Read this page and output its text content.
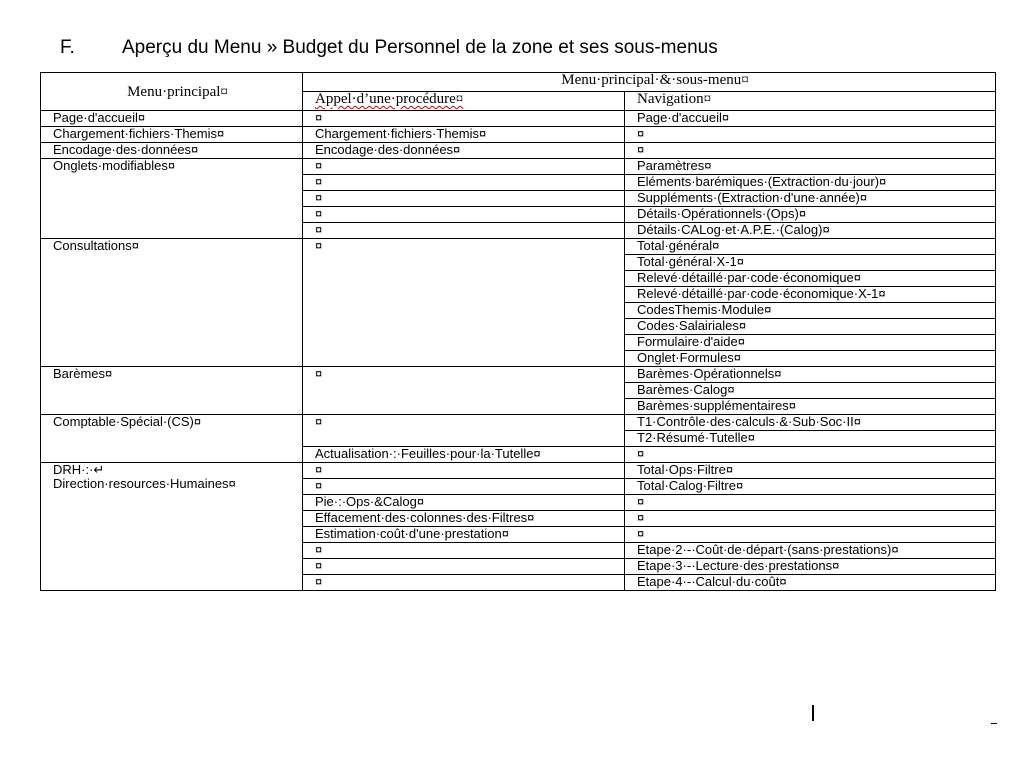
F. Aperçu du Menu » Budget du Personnel de la zone et ses sous-menus
Menu·principal¤	Menu·principal·&·sous-menu¤	
	Appel·d’une·procédure¤	Navigation¤

Page·d'accueil¤	¤	Page·d'accueil¤

Chargement·fichiers·Themis¤	Chargement·fichiers·Themis¤	¤

Encodage·des·données¤	Encodage·des·données¤	¤

Onglets·modifiables¤	¤	Paramètres¤
	¤	Eléments·barémiques·(Extraction·du·jour)¤
	¤	Suppléments·(Extraction·d'une·année)¤
	¤	Détails·Opérationnels·(Ops)¤
	¤	Détails·CALog·et·A.P.E.·(Calog)¤

Consultations¤	¤	Total·général¤
		Total·général·X-1¤
		Relevé·détaillé·par·code·économique¤
		Relevé·détaillé·par·code·économique·X-1¤
		CodesThemis·Module¤
		Codes·Salairiales¤
		Formulaire·d'aide¤
		Onglet·Formules¤

Barèmes¤	¤	Barèmes·Opérationnels¤
		Barèmes·Calog¤
		Barèmes·supplémentaires¤

Comptable·Spécial·(CS)¤	¤	T1·Contrôle·des·calculs·&·Sub·Soc·II¤
		T2·Résumé·Tutelle¤
	Actualisation·:·Feuilles·pour·la·Tutelle¤	¤

DRH·:·↵
Direction·resources·Humaines¤	¤	Total·Ops·Filtre¤
	¤	Total·Calog·Filtre¤
	Pie·:·Ops·&Calog¤	¤
	Effacement·des·colonnes·des·Filtres¤	¤
	Estimation·coût·d'une·prestation¤	¤
	¤	Etape·2·-·Coût·de·départ·(sans·prestations)¤
	¤	Etape·3·-·Lecture·des·prestations¤
	¤	Etape·4·-·Calcul·du·coût¤
